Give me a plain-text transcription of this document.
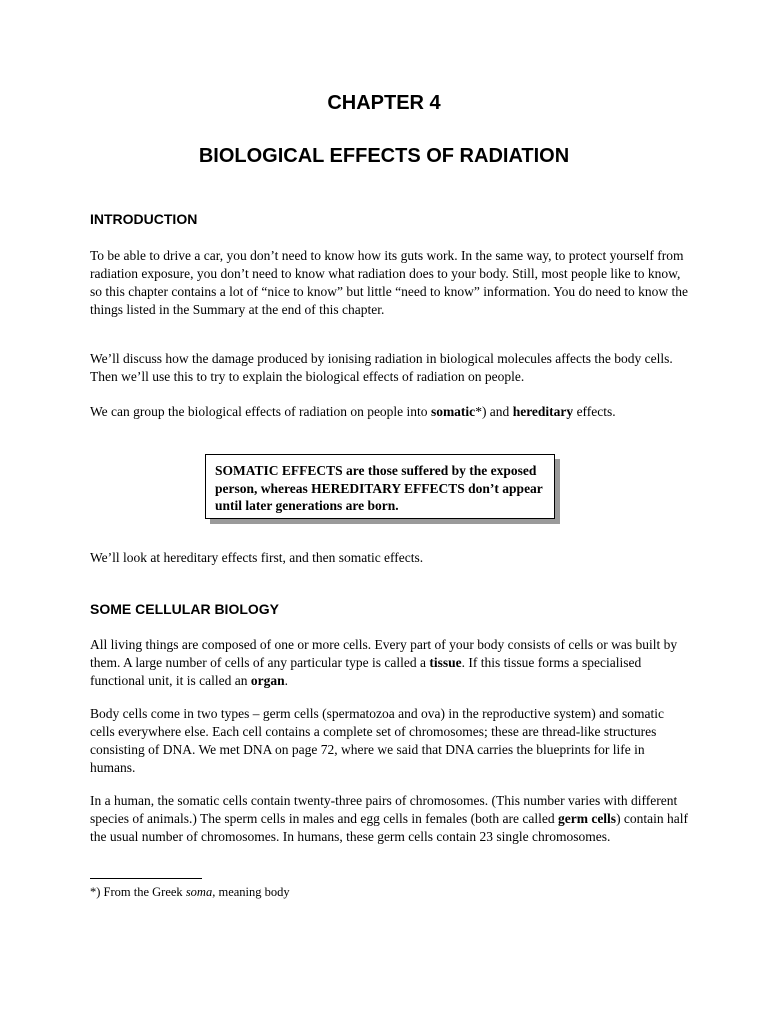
CHAPTER 4
BIOLOGICAL EFFECTS OF RADIATION
INTRODUCTION

To be able to drive a car, you don’t need to know how its guts work. In the same way, to protect yourself from radiation exposure, you don’t need to know what radiation does to your body. Still, most people like to know, so this chapter contains a lot of “nice to know” but little “need to know” information. You do need to know the things listed in the Summary at the end of this chapter.

We’ll discuss how the damage produced by ionising radiation in biological molecules affects the body cells. Then we’ll use this to try to explain the biological effects of radiation on people.

We can group the biological effects of radiation on people into somatic*) and hereditary effects.

SOMATIC EFFECTS are those suffered by the exposed person, whereas HEREDITARY EFFECTS don’t appear until later generations are born.

We’ll look at hereditary effects first, and then somatic effects.

SOME CELLULAR BIOLOGY

All living things are composed of one or more cells. Every part of your body consists of cells or was built by them. A large number of cells of any particular type is called a tissue. If this tissue forms a specialised functional unit, it is called an organ.

Body cells come in two types – germ cells (spermatozoa and ova) in the reproductive system) and somatic cells everywhere else. Each cell contains a complete set of chromosomes; these are thread-like structures consisting of DNA. We met DNA on page 72, where we said that DNA carries the blueprints for life in humans.

In a human, the somatic cells contain twenty-three pairs of chromosomes. (This number varies with different species of animals.) The sperm cells in males and egg cells in females (both are called germ cells) contain half the usual number of chromosomes. In humans, these germ cells contain 23 single chromosomes.

*) From the Greek soma, meaning body
